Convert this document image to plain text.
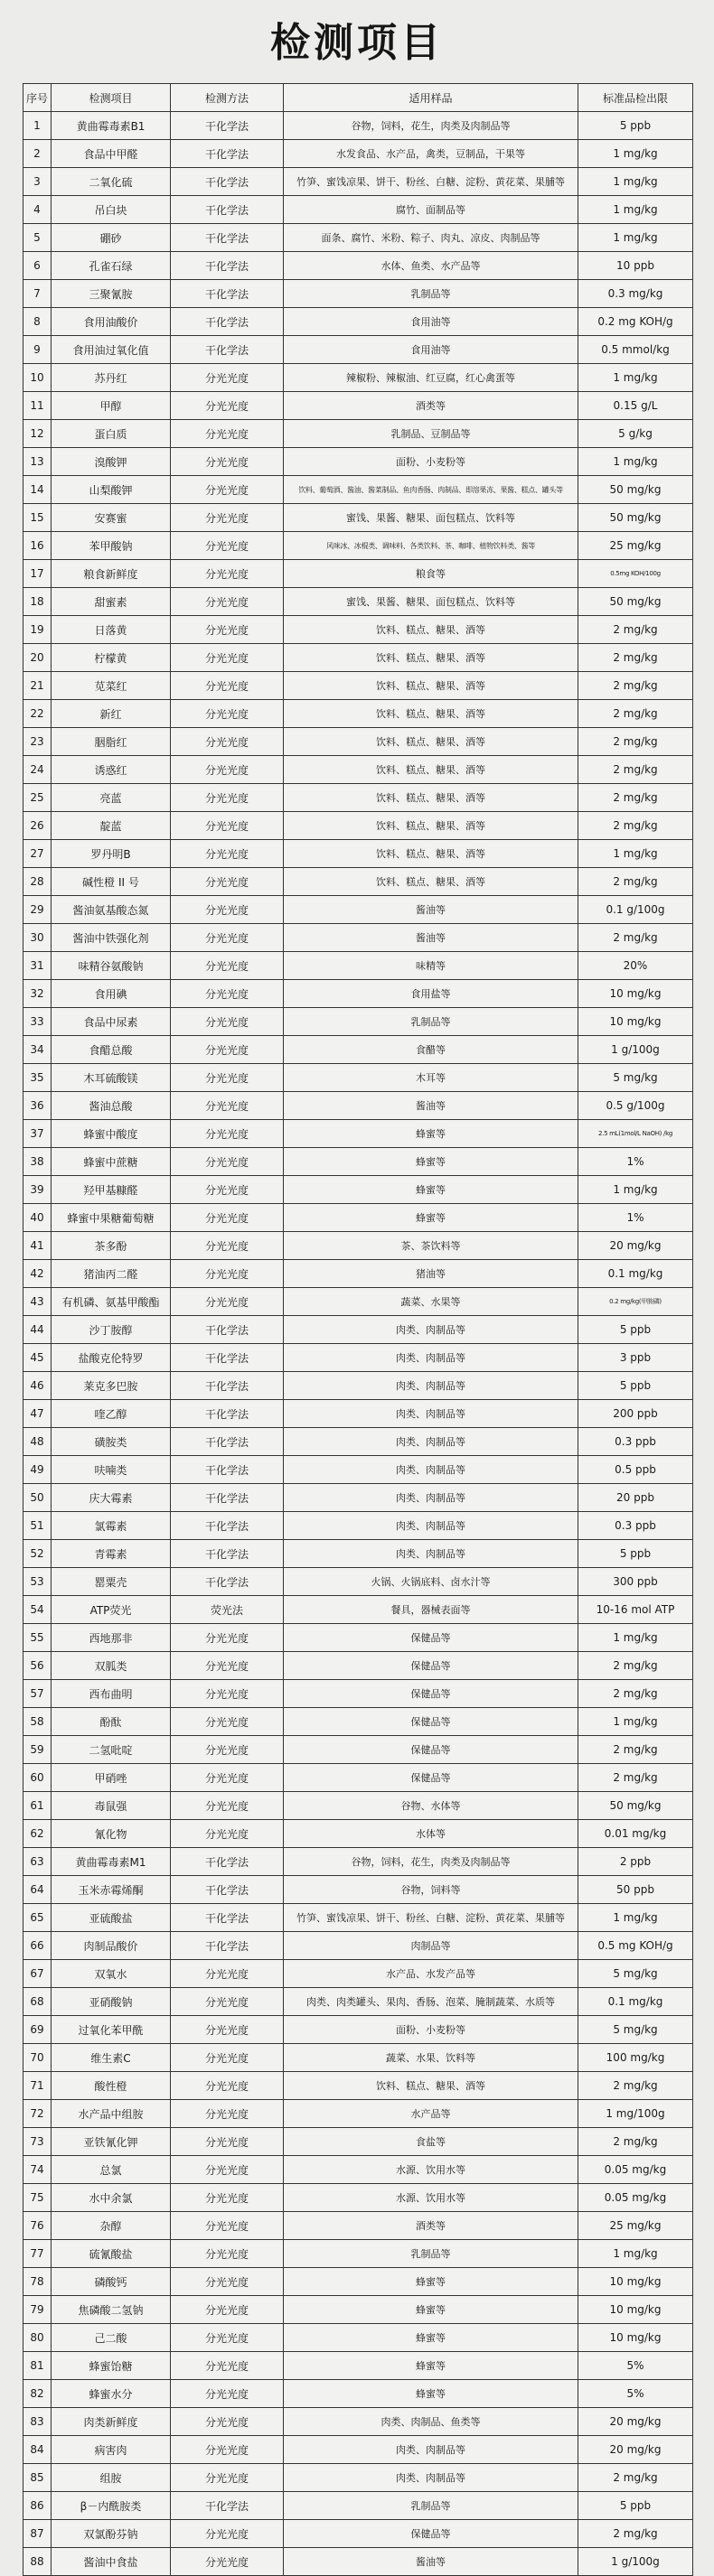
检测项目
序号	检测项目	检测方法	适用样品	标准品检出限
1	黄曲霉毒素B1	干化学法	谷物，饲料，花生，肉类及肉制品等	5 ppb
2	食品中甲醛	干化学法	水发食品、水产品，禽类，豆制品，干果等	1 mg/kg
3	二氧化硫	干化学法	竹笋、蜜饯凉果、饼干、粉丝、白糖、淀粉、黄花菜、果脯等	1 mg/kg
4	吊白块	干化学法	腐竹、面制品等	1 mg/kg
5	硼砂	干化学法	面条、腐竹、米粉、粽子、肉丸、凉皮、肉制品等	1 mg/kg
6	孔雀石绿	干化学法	水体、鱼类、水产品等	10 ppb
7	三聚氰胺	干化学法	乳制品等	0.3 mg/kg
8	食用油酸价	干化学法	食用油等	0.2 mg KOH/g
9	食用油过氧化值	干化学法	食用油等	0.5 mmol/kg
10	苏丹红	分光光度	辣椒粉、辣椒油、红豆腐，红心禽蛋等	1 mg/kg
11	甲醇	分光光度	酒类等	0.15 g/L
12	蛋白质	分光光度	乳制品、豆制品等	5 g/kg
13	溴酸钾	分光光度	面粉、小麦粉等	1 mg/kg
14	山梨酸钾	分光光度	饮料、葡萄酒、酱油、酱菜制品、鱼肉香肠、肉制品、即溶果冻、果酱、糕点、罐头等	50 mg/kg
15	安赛蜜	分光光度	蜜饯、果酱、糖果、面包糕点、饮料等	50 mg/kg
16	苯甲酸钠	分光光度	风味冰、冰棍类、调味料、各类饮料、茶、咖啡、植物饮料类、酱等	25 mg/kg
17	粮食新鲜度	分光光度	粮食等	0.5mg KOH/100g
18	甜蜜素	分光光度	蜜饯、果酱、糖果、面包糕点、饮料等	50 mg/kg
19	日落黄	分光光度	饮料、糕点、糖果、酒等	2 mg/kg
20	柠檬黄	分光光度	饮料、糕点、糖果、酒等	2 mg/kg
21	苋菜红	分光光度	饮料、糕点、糖果、酒等	2 mg/kg
22	新红	分光光度	饮料、糕点、糖果、酒等	2 mg/kg
23	胭脂红	分光光度	饮料、糕点、糖果、酒等	2 mg/kg
24	诱惑红	分光光度	饮料、糕点、糖果、酒等	2 mg/kg
25	亮蓝	分光光度	饮料、糕点、糖果、酒等	2 mg/kg
26	靛蓝	分光光度	饮料、糕点、糖果、酒等	2 mg/kg
27	罗丹明B	分光光度	饮料、糕点、糖果、酒等	1 mg/kg
28	碱性橙 II 号	分光光度	饮料、糕点、糖果、酒等	2 mg/kg
29	酱油氨基酸态氮	分光光度	酱油等	0.1 g/100g
30	酱油中铁强化剂	分光光度	酱油等	2 mg/kg
31	味精谷氨酸钠	分光光度	味精等	20%
32	食用碘	分光光度	食用盐等	10 mg/kg
33	食品中尿素	分光光度	乳制品等	10 mg/kg
34	食醋总酸	分光光度	食醋等	1 g/100g
35	木耳硫酸镁	分光光度	木耳等	5 mg/kg
36	酱油总酸	分光光度	酱油等	0.5 g/100g
37	蜂蜜中酸度	分光光度	蜂蜜等	2.5 mL(1mol/L NaOH) /kg
38	蜂蜜中蔗糖	分光光度	蜂蜜等	1%
39	羟甲基糠醛	分光光度	蜂蜜等	1 mg/kg
40	蜂蜜中果糖葡萄糖	分光光度	蜂蜜等	1%
41	茶多酚	分光光度	茶、茶饮料等	20 mg/kg
42	猪油丙二醛	分光光度	猪油等	0.1 mg/kg
43	有机磷、氨基甲酸酯	分光光度	蔬菜、水果等	0.2 mg/kg(甲胺磷)
44	沙丁胺醇	干化学法	肉类、肉制品等	5 ppb
45	盐酸克伦特罗	干化学法	肉类、肉制品等	3 ppb
46	莱克多巴胺	干化学法	肉类、肉制品等	5 ppb
47	喹乙醇	干化学法	肉类、肉制品等	200 ppb
48	磺胺类	干化学法	肉类、肉制品等	0.3 ppb
49	呋喃类	干化学法	肉类、肉制品等	0.5 ppb
50	庆大霉素	干化学法	肉类、肉制品等	20 ppb
51	氯霉素	干化学法	肉类、肉制品等	0.3 ppb
52	青霉素	干化学法	肉类、肉制品等	5 ppb
53	罂粟壳	干化学法	火锅、火锅底料、卤水汁等	300 ppb
54	ATP荧光	荧光法	餐具，器械表面等	10-16 mol ATP
55	西地那非	分光光度	保健品等	1 mg/kg
56	双胍类	分光光度	保健品等	2 mg/kg
57	西布曲明	分光光度	保健品等	2 mg/kg
58	酚酞	分光光度	保健品等	1 mg/kg
59	二氢吡啶	分光光度	保健品等	2 mg/kg
60	甲硝唑	分光光度	保健品等	2 mg/kg
61	毒鼠强	分光光度	谷物、水体等	50 mg/kg
62	氰化物	分光光度	水体等	0.01 mg/kg
63	黄曲霉毒素M1	干化学法	谷物，饲料，花生，肉类及肉制品等	2 ppb
64	玉米赤霉烯酮	干化学法	谷物，饲料等	50 ppb
65	亚硫酸盐	干化学法	竹笋、蜜饯凉果、饼干、粉丝、白糖、淀粉、黄花菜、果脯等	1 mg/kg
66	肉制品酸价	干化学法	肉制品等	0.5 mg KOH/g
67	双氧水	分光光度	水产品、水发产品等	5 mg/kg
68	亚硝酸钠	分光光度	肉类、肉类罐头、果肉、香肠、泡菜、腌制蔬菜、水质等	0.1 mg/kg
69	过氧化苯甲酰	分光光度	面粉、小麦粉等	5 mg/kg
70	维生素C	分光光度	蔬菜、水果、饮料等	100 mg/kg
71	酸性橙	分光光度	饮料、糕点、糖果、酒等	2 mg/kg
72	水产品中组胺	分光光度	水产品等	1 mg/100g
73	亚铁氰化钾	分光光度	食盐等	2 mg/kg
74	总氯	分光光度	水源、饮用水等	0.05 mg/kg
75	水中余氯	分光光度	水源、饮用水等	0.05 mg/kg
76	杂醇	分光光度	酒类等	25 mg/kg
77	硫氰酸盐	分光光度	乳制品等	1 mg/kg
78	磷酸钙	分光光度	蜂蜜等	10 mg/kg
79	焦磷酸二氢钠	分光光度	蜂蜜等	10 mg/kg
80	己二酸	分光光度	蜂蜜等	10 mg/kg
81	蜂蜜饴糖	分光光度	蜂蜜等	5%
82	蜂蜜水分	分光光度	蜂蜜等	5%
83	肉类新鲜度	分光光度	肉类、肉制品、鱼类等	20 mg/kg
84	病害肉	分光光度	肉类、肉制品等	20 mg/kg
85	组胺	分光光度	肉类、肉制品等	2 mg/kg
86	β－内酰胺类	干化学法	乳制品等	5 ppb
87	双氯酚芬钠	分光光度	保健品等	2 mg/kg
88	酱油中食盐	分光光度	酱油等	1 g/100g
